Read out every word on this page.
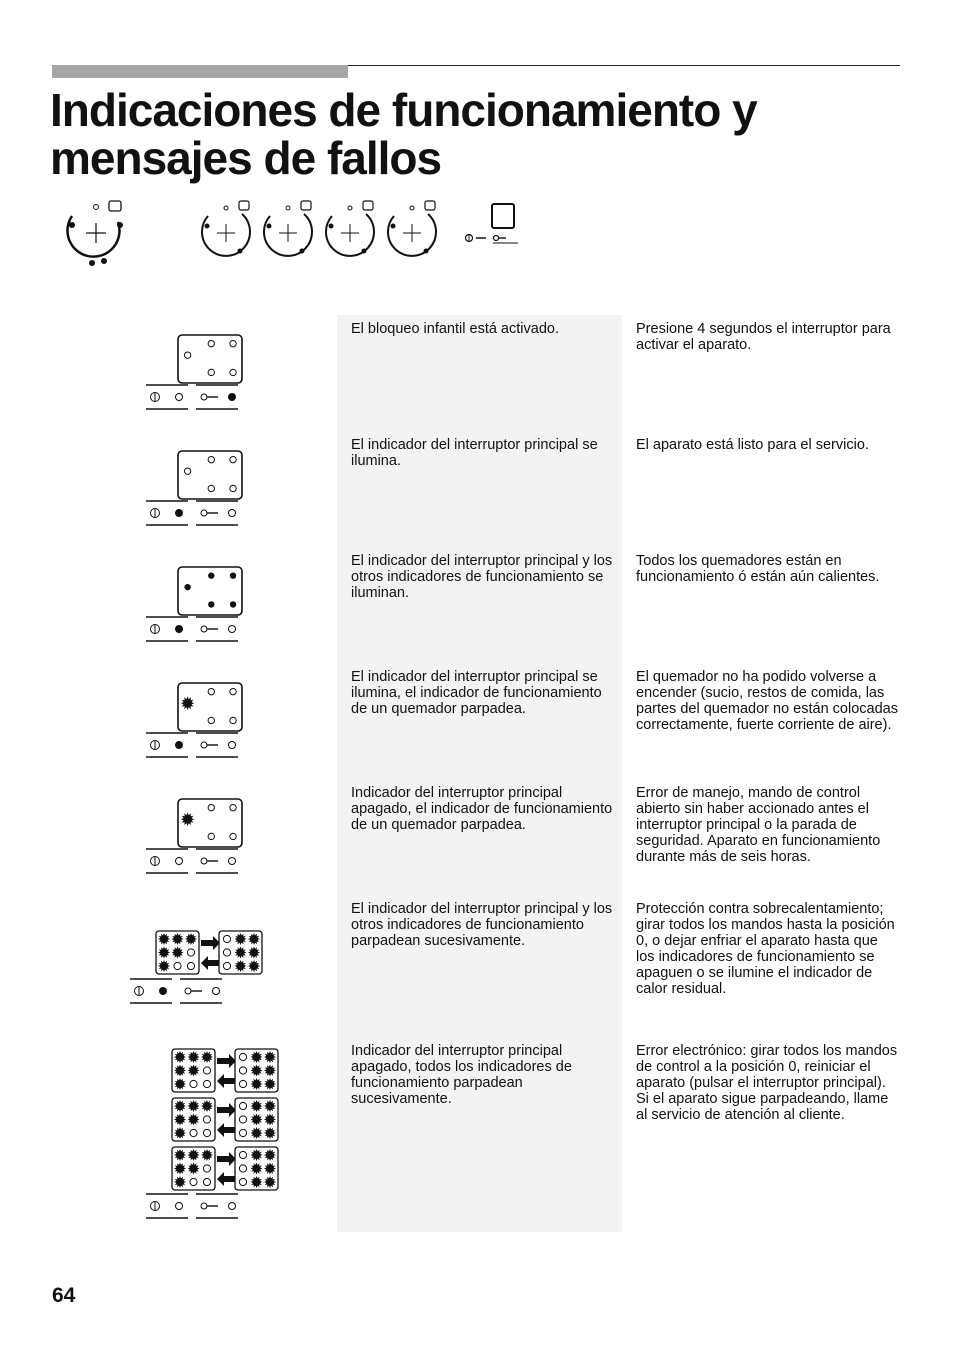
Indicaciones de funcionamiento y mensajes de fallos
El bloqueo infantil está activado.	Presione 4 segundos el interruptor para activar el aparato.
El indicador del interruptor principal se ilumina.
El aparato está listo para el servicio.
El indicador del interruptor principal y los otros indicadores de funcionamiento se iluminan.
Todos los quemadores están en funcionamiento ó están aún calientes.
El indicador del interruptor principal se ilumina, el indicador de funcionamiento de un quemador parpadea.
El quemador no ha podido volverse a encender (sucio, restos de comida, las partes del quemador no están colocadas correctamente, fuerte corriente de aire).
Indicador del interruptor principal apagado, el indicador de funcionamiento de un quemador parpadea.
Error de manejo, mando de control abierto sin haber accionado antes el interruptor principal o la parada de seguridad. Aparato en funcionamiento durante más de seis horas.
El indicador del interruptor principal y los otros indicadores de funcionamiento parpadean sucesivamente.
Protección contra sobrecalentamiento; girar todos los mandos hasta la posición 0, o dejar enfriar el aparato hasta que los indicadores de funcionamiento se apaguen o se ilumine el indicador de calor residual.
Indicador del interruptor principal apagado, todos los indicadores de funcionamiento parpadean sucesivamente.
Error electrónico: girar todos los mandos de control a la posición 0, reiniciar el aparato (pulsar el interruptor principal). Si el aparato sigue parpadeando, llame al servicio de atención al cliente.
64
